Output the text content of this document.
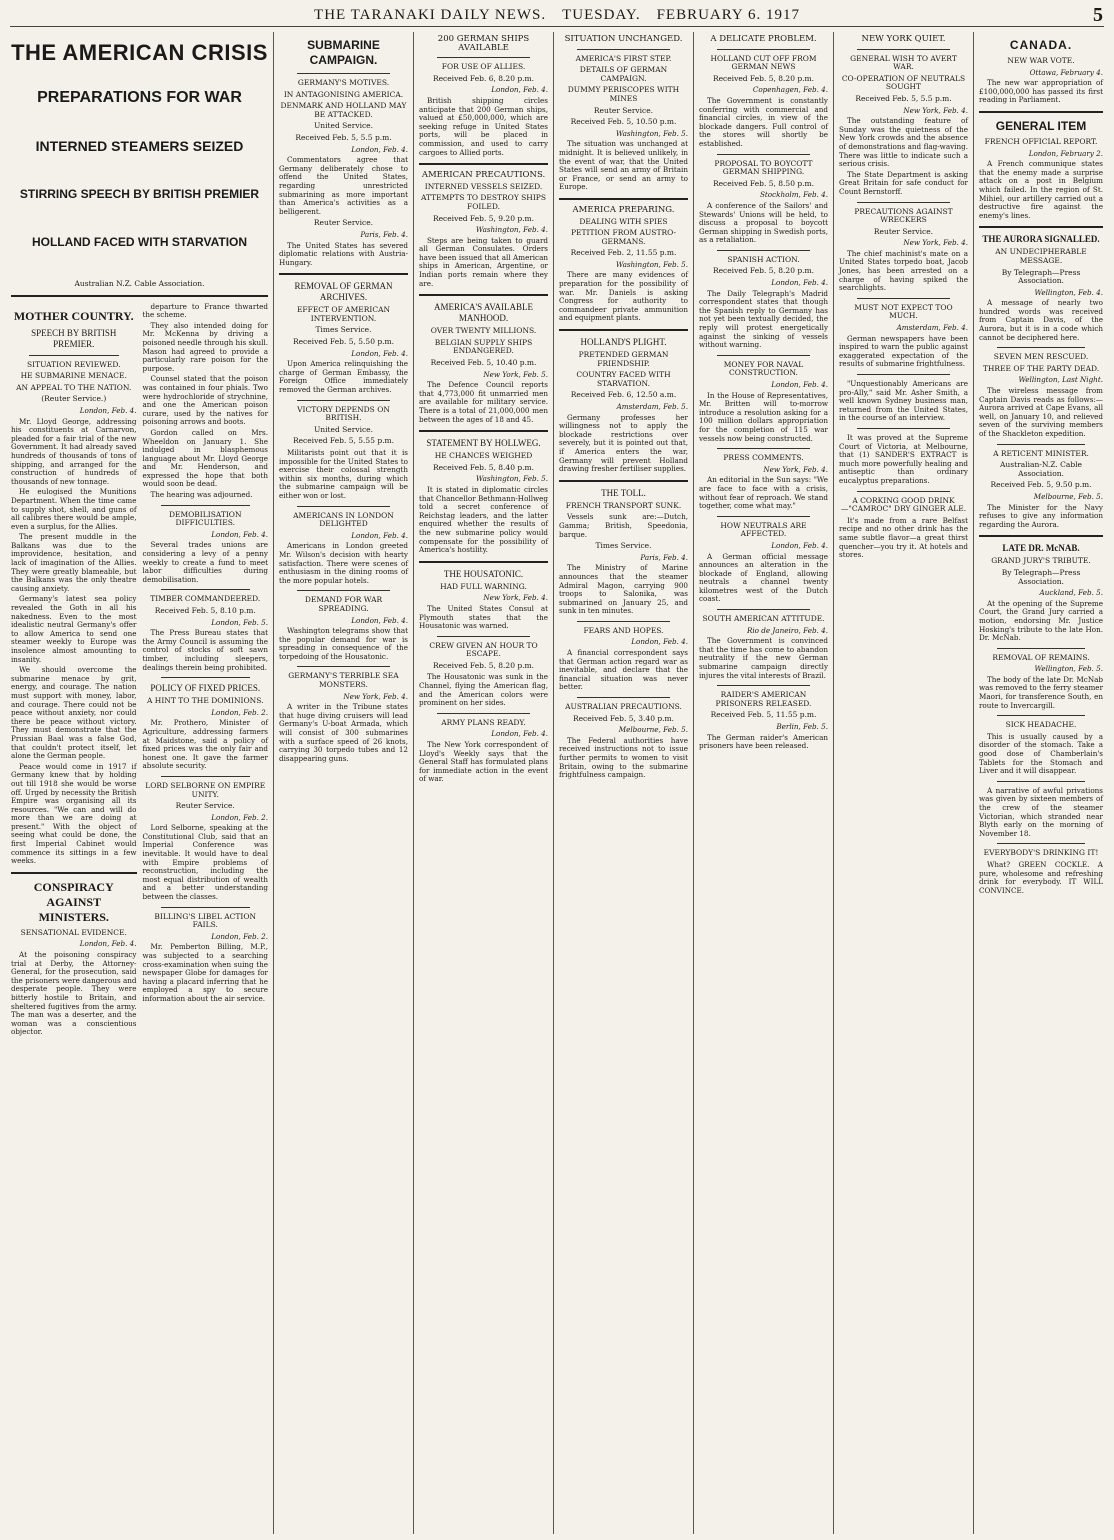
THE TARANAKI DAILY NEWS. TUESDAY. FEBRUARY 6. 1917	5
THE AMERICAN CRISIS
PREPARATIONS FOR WAR
INTERNED STEAMERS SEIZED
STIRRING SPEECH BY BRITISH PREMIER
HOLLAND FACED WITH STARVATION
Australian N.Z. Cable Association.
MOTHER COUNTRY.
SPEECH BY BRITISH PREMIER.
SITUATION REVIEWED.
HE SUBMARINE MENACE.
AN APPEAL TO THE NATION.
(Reuter Service.)
London, Feb. 4.

Mr. Lloyd George, addressing his constituents at Carnarvon, pleaded for a fair trial of the new Government. It had already saved hundreds of thousands of tons of shipping, and arranged for the construction of hundreds of thousands of new tonnage.

He eulogised the Munitions Department. When the time came to supply shot, shell, and guns of all calibres there would be ample, even a surplus, for the Allies.

The present muddle in the Balkans was due to the improvidence, hesitation, and lack of imagination of the Allies. They were greatly blameable, but the Balkans was the only theatre causing anxiety.

Germany's latest sea policy revealed the Goth in all his nakedness. Even to the most idealistic neutral Germany's offer to allow America to send one steamer weekly to Europe was insolence almost amounting to insanity.

We should overcome the submarine menace by grit, energy, and courage. The nation must support with money, labor, and courage. There could not be peace without anxiety, nor could there be peace without victory. They must demonstrate that the Prussian Baal was a false God, that couldn't protect itself, let alone the German people.

Peace would come in 1917 if Germany knew that by holding out till 1918 she would be worse off. Urged by necessity the British Empire was organising all its resources. "We can and will do more than we are doing at present." With the object of seeing what could be done, the first Imperial Cabinet would commence its sittings in a few weeks.

CONSPIRACY AGAINST MINISTERS.
SENSATIONAL EVIDENCE.
London, Feb. 4.

At the poisoning conspiracy trial at Derby, the Attorney-General, for the prosecution, said the prisoners were dangerous and desperate people. They were bitterly hostile to Britain, and sheltered fugitives from the army. The man was a deserter, and the woman was a conscientious objector.

departure to France thwarted the scheme.

They also intended doing for Mr. McKenna by driving a poisoned needle through his skull. Mason had agreed to provide a particularly rare poison for the purpose.

Counsel stated that the poison was contained in four phials. Two were hydrochloride of strychnine, and one the American poison curare, used by the natives for poisoning arrows and boots.

Gordon called on Mrs. Wheeldon on January 1. She indulged in blasphemous language about Mr. Lloyd George and Mr. Henderson, and expressed the hope that both would soon be dead.

The hearing was adjourned.

DEMOBILISATION DIFFICULTIES.
London, Feb. 4.

Several trades unions are considering a levy of a penny weekly to create a fund to meet labor difficulties during demobilisation.

TIMBER COMMANDEERED.
Received Feb. 5, 8.10 p.m.
London, Feb. 5.

The Press Bureau states that the Army Council is assuming the control of stocks of soft sawn timber, including sleepers, dealings therein being prohibited.

POLICY OF FIXED PRICES.
A HINT TO THE DOMINIONS.
London, Feb. 2.

Mr. Prothero, Minister of Agriculture, addressing farmers at Maidstone, said a policy of fixed prices was the only fair and honest one. It gave the farmer absolute security.

LORD SELBORNE ON EMPIRE UNITY.
Reuter Service.
London, Feb. 2.

Lord Selborne, speaking at the Constitutional Club, said that an Imperial Conference was inevitable. It would have to deal with Empire problems of reconstruction, including the most equal distribution of wealth and a better understanding between the classes.

BILLING'S LIBEL ACTION FAILS.
London, Feb. 2.

Mr. Pemberton Billing, M.P., was subjected to a searching cross-examination when suing the newspaper Globe for damages for having a placard inferring that he employed a spy to secure information about the air service.

SUBMARINE CAMPAIGN.
GERMANY'S MOTIVES.
IN ANTAGONISING AMERICA.
DENMARK AND HOLLAND MAY BE ATTACKED.
United Service.
Received Feb. 5, 5.5 p.m.
London, Feb. 4.

Commentators agree that Germany deliberately chose to offend the United States, regarding unrestricted submarining as more important than America's activities as a belligerent.

Reuter Service.
Paris, Feb. 4.

The United States has severed diplomatic relations with Austria-Hungary.

REMOVAL OF GERMAN ARCHIVES.
EFFECT OF AMERICAN INTERVENTION.
Times Service.
Received Feb. 5, 5.50 p.m.
London, Feb. 4.

Upon America relinquishing the charge of German Embassy, the Foreign Office immediately removed the German archives.

VICTORY DEPENDS ON BRITISH.
United Service.
Received Feb. 5, 5.55 p.m.

Militarists point out that it is impossible for the United States to exercise their colossal strength within six months, during which the submarine campaign will be either won or lost.

AMERICANS IN LONDON DELIGHTED
London, Feb. 4.

Americans in London greeted Mr. Wilson's decision with hearty satisfaction. There were scenes of enthusiasm in the dining rooms of the more popular hotels.

DEMAND FOR WAR SPREADING.
London, Feb. 4.

Washington telegrams show that the popular demand for war is spreading in consequence of the torpedoing of the Housatonic.

GERMANY'S TERRIBLE SEA MONSTERS.
New York, Feb. 4.

A writer in the Tribune states that huge diving cruisers will lead Germany's U-boat Armada, which will consist of 300 submarines with a surface speed of 26 knots, carrying 30 torpedo tubes and 12 disappearing guns.

200 GERMAN SHIPS AVAILABLE
FOR USE OF ALLIES.
Received Feb. 6, 8.20 p.m.
London, Feb. 4.

British shipping circles anticipate that 200 German ships, valued at £50,000,000, which are seeking refuge in United States ports, will be placed in commission, and used to carry cargoes to Allied ports.

AMERICAN PRECAUTIONS.
INTERNED VESSELS SEIZED.
ATTEMPTS TO DESTROY SHIPS FOILED.
Received Feb. 5, 9.20 p.m.
Washington, Feb. 4.

Steps are being taken to guard all German Consulates. Orders have been issued that all American ships in American, Argentine, or Indian ports remain where they are.

AMERICA'S AVAILABLE MANHOOD.
OVER TWENTY MILLIONS.
BELGIAN SUPPLY SHIPS ENDANGERED.
Received Feb. 5, 10.40 p.m.
New York, Feb. 5.

The Defence Council reports that 4,773,000 fit unmarried men are available for military service. There is a total of 21,000,000 men between the ages of 18 and 45.

STATEMENT BY HOLLWEG.
HE CHANCES WEIGHED
Received Feb. 5, 8.40 p.m.
Washington, Feb. 5.

It is stated in diplomatic circles that Chancellor Bethmann-Hollweg told a secret conference of Reichstag leaders, and the latter enquired whether the results of the new submarine policy would compensate for the possibility of America's hostility.

THE HOUSATONIC.
HAD FULL WARNING.
New York, Feb. 4.

The United States Consul at Plymouth states that the Housatonic was warned.

CREW GIVEN AN HOUR TO ESCAPE.
Received Feb. 5, 8.20 p.m.

The Housatonic was sunk in the Channel, flying the American flag, and the American colors were prominent on her sides.

ARMY PLANS READY.
London, Feb. 4.

The New York correspondent of Lloyd's Weekly says that the General Staff has formulated plans for immediate action in the event of war.

SITUATION UNCHANGED.
AMERICA'S FIRST STEP.
DETAILS OF GERMAN CAMPAIGN.
DUMMY PERISCOPES WITH MINES
Reuter Service.
Received Feb. 5, 10.50 p.m.
Washington, Feb. 5.

The situation was unchanged at midnight. It is believed unlikely, in the event of war, that the United States will send an army of Britain or France, or send an army to Europe.

AMERICA PREPARING.
DEALING WITH SPIES
PETITION FROM AUSTRO-GERMANS.
Received Feb. 2, 11.55 p.m.
Washington, Feb. 5.

There are many evidences of preparation for the possibility of war. Mr. Daniels is asking Congress for authority to commandeer private ammunition and equipment plants.

HOLLAND'S PLIGHT.
PRETENDED GERMAN FRIENDSHIP.
COUNTRY FACED WITH STARVATION.
Received Feb. 6, 12.50 a.m.
Amsterdam, Feb. 5.

Germany professes her willingness not to apply the blockade restrictions over severely, but it is pointed out that, if America enters the war, Germany will prevent Holland drawing fresher fertiliser supplies.

THE TOLL.
FRENCH TRANSPORT SUNK.

Vessels sunk are:—Dutch, Gamma; British, Speedonia, barque.

Times Service.
Paris, Feb. 4.

The Ministry of Marine announces that the steamer Admiral Magon, carrying 900 troops to Salonika, was submarined on January 25, and sunk in ten minutes.

FEARS AND HOPES.
London, Feb. 4.

A financial correspondent says that German action regard war as inevitable, and declare that the financial situation was never better.

AUSTRALIAN PRECAUTIONS.
Received Feb. 5, 3.40 p.m.
Melbourne, Feb. 5.

The Federal authorities have received instructions not to issue further permits to women to visit Britain, owing to the submarine frightfulness campaign.

A DELICATE PROBLEM.
HOLLAND CUT OFF FROM GERMAN NEWS
Received Feb. 5, 8.20 p.m.
Copenhagen, Feb. 4.

The Government is constantly conferring with commercial and financial circles, in view of the blockade dangers. Full control of the stores will shortly be established.

PROPOSAL TO BOYCOTT GERMAN SHIPPING.
Received Feb. 5, 8.50 p.m.
Stockholm, Feb. 4.

A conference of the Sailors' and Stewards' Unions will be held, to discuss a proposal to boycott German shipping in Swedish ports, as a retaliation.

SPANISH ACTION.
Received Feb. 5, 8.20 p.m.
London, Feb. 4.

The Daily Telegraph's Madrid correspondent states that though the Spanish reply to Germany has not yet been textually decided, the reply will protest energetically against the sinking of vessels without warning.

MONEY FOR NAVAL CONSTRUCTION.
London, Feb. 4.

In the House of Representatives, Mr. Britten will to-morrow introduce a resolution asking for a 100 million dollars appropriation for the completion of 115 war vessels now being constructed.

PRESS COMMENTS.
New York, Feb. 4.

An editorial in the Sun says: "We are face to face with a crisis, without fear of reproach. We stand together, come what may."

HOW NEUTRALS ARE AFFECTED.
London, Feb. 4.

A German official message announces an alteration in the blockade of England, allowing neutrals a channel twenty kilometres west of the Dutch coast.

SOUTH AMERICAN ATTITUDE.
Rio de Janeiro, Feb. 4.

The Government is convinced that the time has come to abandon neutrality if the new German submarine campaign directly injures the vital interests of Brazil.

RAIDER'S AMERICAN PRISONERS RELEASED.
Received Feb. 5, 11.55 p.m.
Berlin, Feb. 5.

The German raider's American prisoners have been released.

NEW YORK QUIET.
GENERAL WISH TO AVERT WAR.
CO-OPERATION OF NEUTRALS SOUGHT
Received Feb. 5, 5.5 p.m.
New York, Feb. 4.

The outstanding feature of Sunday was the quietness of the New York crowds and the absence of demonstrations and flag-waving. There was little to indicate such a serious crisis.

The State Department is asking Great Britain for safe conduct for Count Bernstorff.

PRECAUTIONS AGAINST WRECKERS
Reuter Service.
New York, Feb. 4.

The chief machinist's mate on a United States torpedo boat, Jacob Jones, has been arrested on a charge of having spiked the searchlights.

MUST NOT EXPECT TOO MUCH.
Amsterdam, Feb. 4.

German newspapers have been inspired to warn the public against exaggerated expectation of the results of submarine frightfulness.

"Unquestionably Americans are pro-Ally," said Mr. Asher Smith, a well known Sydney business man, returned from the United States, in the course of an interview.

It was proved at the Supreme Court of Victoria, at Melbourne, that (1) SANDER'S EXTRACT is much more powerfully healing and antiseptic than ordinary eucalyptus preparations.

A CORKING GOOD DRINK—"CAMROC" DRY GINGER ALE.

It's made from a rare Belfast recipe and no other drink has the same subtle flavor—a great thirst quencher—you try it. At hotels and stores.

CANADA.
NEW WAR VOTE.
Ottawa, February 4.

The new war appropriation of £100,000,000 has passed its first reading in Parliament.

GENERAL ITEM
FRENCH OFFICIAL REPORT.
London, February 2.

A French communique states that the enemy made a surprise attack on a post in Belgium which failed. In the region of St. Mihiel, our artillery carried out a destructive fire against the enemy's lines.

THE AURORA SIGNALLED.
AN UNDECIPHERABLE MESSAGE.
By Telegraph—Press Association.
Wellington, Feb. 4.

A message of nearly two hundred words was received from Captain Davis, of the Aurora, but it is in a code which cannot be deciphered here.

SEVEN MEN RESCUED.
THREE OF THE PARTY DEAD.
Wellington, Last Night.

The wireless message from Captain Davis reads as follows:—Aurora arrived at Cape Evans, all well, on January 10, and relieved seven of the surviving members of the Shackleton expedition.

A RETICENT MINISTER.
Australian-N.Z. Cable Association.
Received Feb. 5, 9.50 p.m.
Melbourne, Feb. 5.

The Minister for the Navy refuses to give any information regarding the Aurora.

LATE DR. McNAB.
GRAND JURY'S TRIBUTE.
By Telegraph—Press Association.
Auckland, Feb. 5.

At the opening of the Supreme Court, the Grand Jury carried a motion, endorsing Mr. Justice Hosking's tribute to the late Hon. Dr. McNab.

REMOVAL OF REMAINS.
Wellington, Feb. 5.

The body of the late Dr. McNab was removed to the ferry steamer Maori, for transference South, en route to Invercargill.

SICK HEADACHE.

This is usually caused by a disorder of the stomach. Take a good dose of Chamberlain's Tablets for the Stomach and Liver and it will disappear.

A narrative of awful privations was given by sixteen members of the crew of the steamer Victorian, which stranded near Blyth early on the morning of November 18.

EVERYBODY'S DRINKING IT!

What? GREEN COCKLE. A pure, wholesome and refreshing drink for everybody. IT WILL CONVINCE.
